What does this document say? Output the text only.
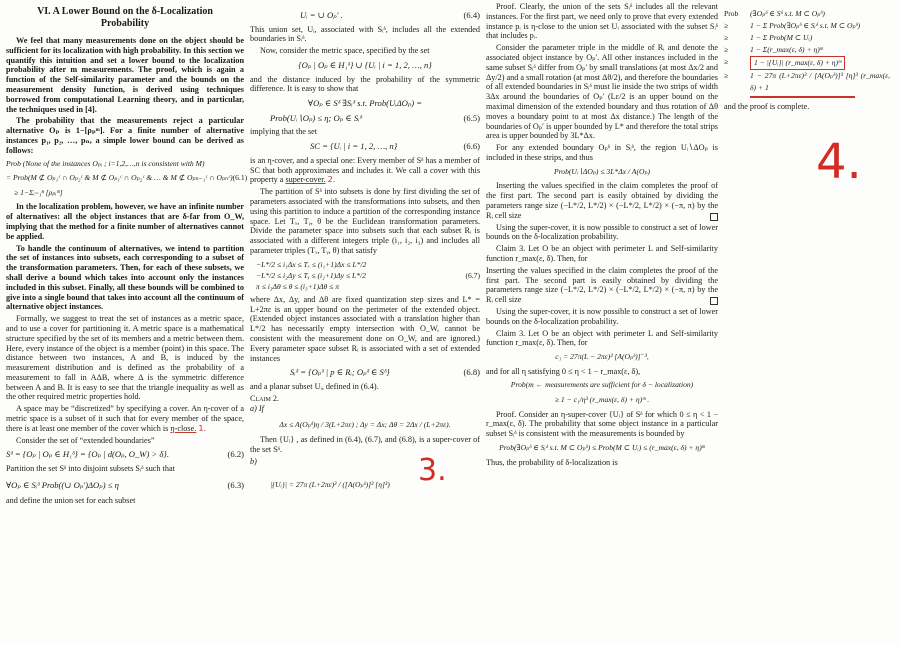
VI. A Lower Bound on the δ-Localization
Probability

We feel that many measurements done on the object should be sufficient for its localization with high probability. In this section we quantify this intuition and set a lower bound to the localization probability after m measurements. The proof, which is again a function of the Self-similarity parameter and the bounds on the measurement density function, is derived using techniques borrowed from computational Learning theory, and in particular, the techniques used in [4].

The probability that the measurements reject a particular alternative Oₚ is 1−[ρₚᵐ]. For a finite number of alternative instances p₁, p₂, …, pₙ, a simple lower bound can be derived as follows:

Prob (None of the instances Oₚᵢ ; i=1,2,…,n is consistent with M)
= Prob(M ⊄ Oₚ₁ᶜ ∩ Oₚ₂ᶜ & M ⊄ Oₚ₁ᶜ ∩ Oₚ₂ᶜ & … & M ⊄ Oₚₙ₋₁ᶜ ∩ Oₚₙᶜ) (6.1)
≥ 1−Σᵢ₌₁ⁿ [ρₚᵢᵐ]

In the localization problem, however, we have an infinite number of alternatives: all the object instances that are δ-far from O_W, implying that the method for a finite number of alternatives cannot be applied.

To handle the continuum of alternatives, we intend to partition the set of instances into subsets, each corresponding to a subset of the transformation parameters. Then, for each of these subsets, we shall derive a bound which takes into account only the instances included in this subset. Finally, all these bounds will be combined to give into a single bound that takes into account all the continuum of alternative object instances.

Formally, we suggest to treat the set of instances as a metric space, and to use a cover for partitioning it. A metric space is a mathematical structure specified by the set of its members and a metric between them. Here, every instance of the object is a member (point) in this space. The distance between two instances, A and B, is induced by the measurement distribution and is defined as the probability of a measurement to fall in AΔB, where Δ is the symmetric difference between A and B. It is easy to see that the triangle inequality as well as the other required metric properties hold.

A space may be “discretized” by specifying a cover. An η-cover of a metric space is a subset of it such that for every member of the space, there is at least one member of the cover which is η-close. 1.

Consider the set of “extended boundaries”

Sᵟ = {Oₚ | Oₚ ∈ H₁ᵟ} = {Oₚ | d(Oₚ, O_W) > δ}.	(6.2)

Partition the set Sᵟ into disjoint subsets Sᵢᵟ such that

∀Oₚ ∈ Sᵢᵟ Prob((∪ Oₚ′)ΔOₚ) ≤ η	(6.3)

and define the union set for each subset

Uᵢ = ∪ Oₚ′ .	(6.4)

This union set, Uᵢ, associated with Sᵢᵟ, includes all the extended boundaries in Sᵢᵟ.

Now, consider the metric space, specified by the set

{Oₚ | Oₚ ∈ H₁ᵟ} ∪ {Uᵢ | i = 1, 2, …, n}

and the distance induced by the probability of the symmetric difference. It is easy to show that

∀Oₚ ∈ Sᵟ ∃Sᵢᵟ s.t. Prob(UᵢΔOₚ) =
Prob(Uᵢ∖Oₚ) ≤ η; Oₚ ∈ Sᵢᵟ	(6.5)

implying that the set

SC = {Uᵢ | i = 1, 2, …, n}	(6.6)

is an η-cover, and a special one: Every member of Sᵟ has a member of SC that both approximates and includes it. We call a cover with this property a super-cover. 2.

The partition of Sᵟ into subsets is done by first dividing the set of parameters associated with the transformations into subsets, and then using this partition to induce a partition of the corresponding instance space. Let Tₓ, Tᵧ, θ be the Euclidean transformation parameters. Divide the parameter space into subsets such that each subset Rᵢ is associated with a different integers triple (i₁, i₂, i₃) and includes all parameter triples (Tₓ, Tᵧ, θ) that satisfy

−L*/2 ≤ i₁Δx ≤ Tₓ ≤ (i₁+1)Δx ≤ L*/2
−L*/2 ≤ i₂Δy ≤ Tᵧ ≤ (i₂+1)Δy ≤ L*/2
π ≤ i₃Δθ ≤ θ ≤ (i₃+1)Δθ ≤ π
(6.7)

where Δx, Δy, and Δθ are fixed quantization step sizes and L* = L+2πε is an upper bound on the perimeter of the extended object. (Extended object instances associated with a translation higher than L*/2 has necessarily empty intersection with O_W, cannot be consistent with the measurement done on O_W, and are ignored.) Every parameter space subset Rᵢ is associated with a set of extended instances

Sᵢᵟ = {Oₚᵟ | p ∈ Rᵢ; Oₚᵟ ∈ Sᵟ}	(6.8)

and a planar subset Uᵢ, defined in (6.4).

Claim 2.
a) If
Δx ≤ A(Oₚᵟ)η / 3(L+2πε) ; Δy = Δx; Δθ = 2Δx / (L+2πε).

Then {Uᵢ} , as defined in (6.4), (6.7), and (6.8), is a super-cover of the set Sᵟ.

b)
|{Uᵢ}| = 27π (L+2πε)³ / ([A(Oₚᵟ)]³ [η]³) 3.

Proof. Clearly, the union of the sets Sᵢᵟ includes all the relevant instances. For the first part, we need only to prove that every extended instance pᵢ is η-close to the union set Uᵢ associated with the subset Sᵢᵟ that includes pᵢ.

Consider the parameter triple in the middle of Rᵢ and denote the associated object instance by Oₚ′. All other instances included in the same subset Sᵢᵟ differ from Oₚ′ by small translations (at most Δx/2 and Δy/2) and a small rotation (at most Δθ/2), and therefore the boundaries of all extended boundaries in Sᵢᵟ must lie inside the two strips of width 3Δx around the boundaries of Oₚ′ (Lε/2 is an upper bound on the maximal dimension of the extended boundary and thus rotation of Δθ moves a boundary point to at most Δx distance.) The length of the boundaries of Oₚ′ is upper bounded by L* and therefore the total strips area is upper bounded by 3L*Δx.

For any extended boundary Oₚᵟ in Sᵢᵟ, the region Uᵢ∖ΔOₚ is included in these strips, and thus

Prob(Uᵢ∖ΔOₚ) ≤ 3L*Δx / A(Oₚ)

Inserting the values specified in the claim completes the proof of the first part. The second part is easily obtained by dividing the parameters range size (−L*/2, L*/2) × (−L*/2, L*/2) × (−π, π) by the Rᵢ cell size

Using the super-cover, it is now possible to construct a set of lower bounds on the δ-localization probability.

Claim 3. Let O be an object with perimeter L and Self-similarity function r_max(ε, δ). Then, for

Inserting the values specified in the claim completes the proof of the first part. The second part is easily obtained by dividing the parameters range size (−L*/2, L*/2) × (−L*/2, L*/2) × (−π, π) by the Rᵢ cell size

Using the super-cover, it is now possible to construct a set of lower bounds on the δ-localization probability.

Claim 3. Let O be an object with perimeter L and Self-similarity function r_max(ε, δ). Then, for

c₁ = 27π(L − 2πε)³ [A(Oₚᵟ)]⁻³,

and for all η satisfying 0 ≤ η < 1 − r_max(ε, δ),

Prob(m ← measurements are sufficient for δ − localization)
≥ 1 − c₁/η³ (r_max(ε, δ) + η)ᵐ .

Proof. Consider an η-super-cover {Uᵢ} of Sᵟ for which 0 ≤ η < 1 − r_max(ε, δ). The probability that some object instance in a particular subset Sᵢᵟ is consistent with the measurements is bounded by

Prob(∃Oₚᵟ ∈ Sᵢᵟ s.t. M ⊂ Oₚᵟ) ≤ Prob(M ⊂ Uᵢ) ≤ (r_max(ε, δ) + η)ᵐ

Thus, the probability of δ-localization is

Prob	(∃Oₚᵟ ∈ Sᵟ s.t. M ⊂ Oₚᵟ)
≥	1 − Σ Prob(∃Oₚᵟ ∈ Sᵢᵟ s.t. M ⊂ Oₚᵟ)
≥	1 − Σ Prob(M ⊂ Uᵢ)
≥	1 − Σ(r_max(ε, δ) + η)ᵐ
≥	1 − |{Uᵢ}| (r_max(ε, δ) + η)ᵐ
≥	1 − 27π (L+2πε)³ / [A(Oₚᵟ)]³ [η]³ (r_max(ε, δ) + 1

and the proof is complete.

4.
